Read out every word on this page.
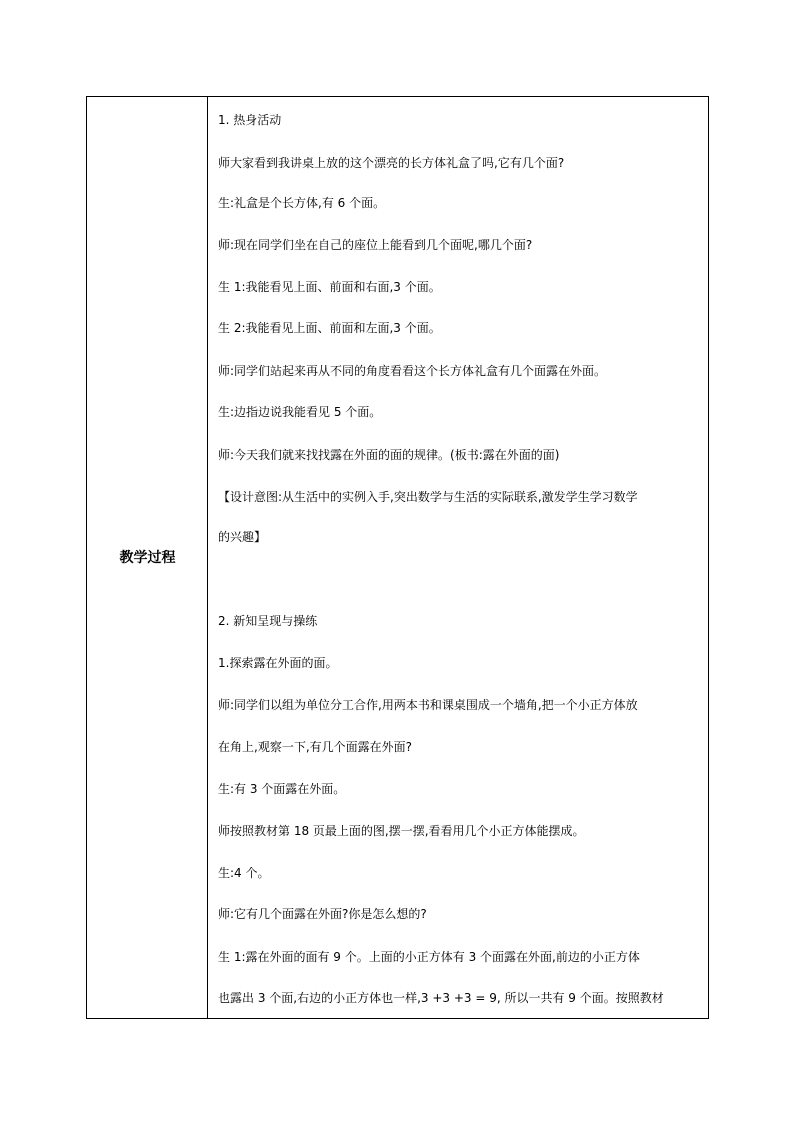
教学过程
1. 热身活动
师大家看到我讲桌上放的这个漂亮的长方体礼盒了吗,它有几个面?
生:礼盒是个长方体,有 6 个面。
师:现在同学们坐在自己的座位上能看到几个面呢,哪几个面?
生 1:我能看见上面、前面和右面,3 个面。
生 2:我能看见上面、前面和左面,3 个面。
师:同学们站起来再从不同的角度看看这个长方体礼盒有几个面露在外面。
生:边指边说我能看见 5 个面。
师:今天我们就来找找露在外面的面的规律。(板书:露在外面的面)
【设计意图:从生活中的实例入手,突出数学与生活的实际联系,激发学生学习数学
的兴趣】
2. 新知呈现与操练
1.探索露在外面的面。
师:同学们以组为单位分工合作,用两本书和课桌围成一个墙角,把一个小正方体放
在角上,观察一下,有几个面露在外面?
生:有 3 个面露在外面。
师按照教材第 18 页最上面的图,摆一摆,看看用几个小正方体能摆成。
生:4 个。
师:它有几个面露在外面?你是怎么想的?
生 1:露在外面的面有 9 个。上面的小正方体有 3 个面露在外面,前边的小正方体
也露出 3 个面,右边的小正方体也一样,3 +3 +3 = 9, 所以一共有 9 个面。按照教材
